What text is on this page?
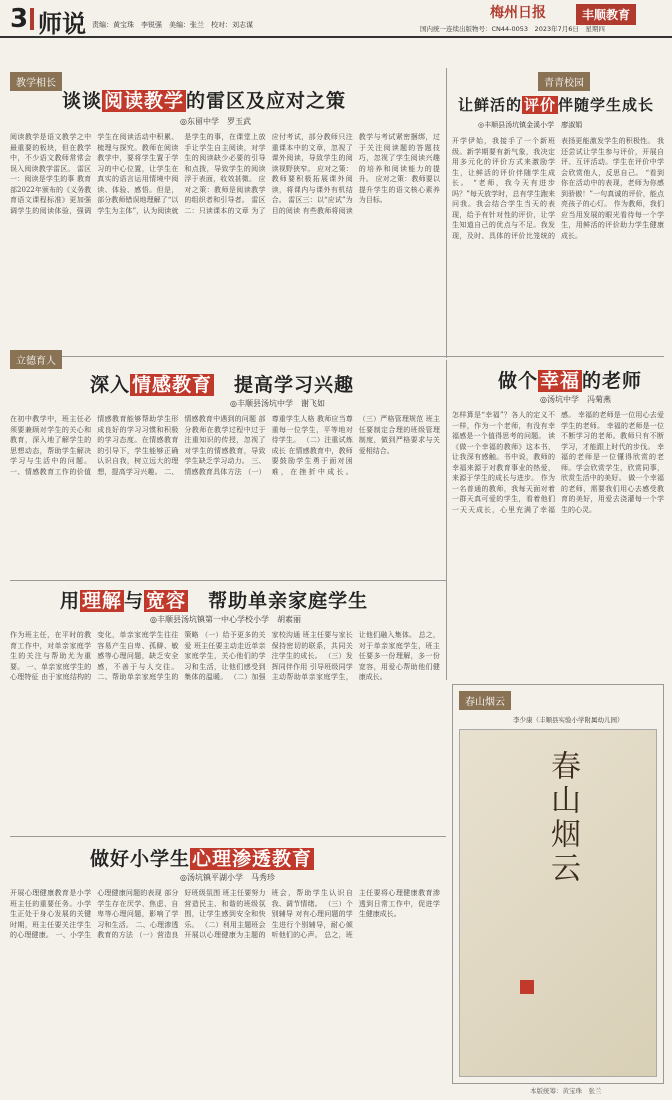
3 师说 责编：黄宝珠　李锐强　美编：张兰　校对：刘志谋
梅州日报	丰顺教育
国内统一连续出版物号：CN44-0053　2023年7月6日　星期四
教学相长
谈谈 阅读教学 的雷区及应对之策
◎东留中学　罗玉武
阅读教学是语文教学之中最重要的板块，但在教学中，不少语文教师常常会误入阅读教学雷区。 雷区一：阅读是学生的事 教育部2022年颁布的《义务教育语文课程标准》更加强调学生的阅读体验，强调学生在阅读活动中积累、梳理与探究。教师在阅读教学中，要将学生置于学习的中心位置，让学生在真实的语言运用情境中阅读、体验、感悟。但是，部分教师错误地理解了“以学生为主体”，认为阅读就是学生的事，在课堂上放手让学生自主阅读，对学生的阅读缺少必要的引导和点拨，导致学生的阅读浮于表面，收效甚微。 应对之策：教师是阅读教学的组织者和引导者。 雷区二：只读课本的文章 为了应付考试，部分教师只注重课本中的文章，忽视了课外阅读，导致学生的阅读视野狭窄。 应对之策：教师要积极拓展课外阅读，将课内与课外有机结合。 雷区三：以“应试”为目的阅读 有些教师将阅读教学与考试紧密捆绑，过于关注阅读题的答题技巧，忽视了学生阅读兴趣的培养和阅读能力的提升。 应对之策：教师要以提升学生的语文核心素养为目标。
青青校园
让鲜活的 评价 伴随学生成长
◎丰顺县汤坑镇金溪小学　廖淑娟
开学伊始，我接手了一个新班级。新学期要有新气象，我决定用多元化的评价方式来激励学生，让鲜活的评价伴随学生成长。 “老师，我今天有进步吗？”每天放学时，总有学生跑来问我。我会结合学生当天的表现，给予有针对性的评价，让学生知道自己的优点与不足。我发现，及时、具体的评价比笼统的表扬更能激发学生的积极性。 我还尝试让学生参与评价，开展自评、互评活动。学生在评价中学会欣赏他人，反思自己。 “看到你在活动中的表现，老师为你感到骄傲！”一句真诚的评价，能点亮孩子的心灯。 作为教师，我们应当用发展的眼光看待每一个学生，用鲜活的评价助力学生健康成长。
立德育人
深入 情感教育　提高学习兴趣
◎丰顺县汤坑中学　谢飞如
在初中教学中，班主任必须要兼顾对学生的关心和教育，深入地了解学生的思想动态，帮助学生解决学习与生活中的问题。 一、情感教育工作的价值 情感教育能够帮助学生形成良好的学习习惯和积极的学习态度。在情感教育的引导下，学生能够正确认识自我，树立远大的理想，提高学习兴趣。 二、情感教育中遇到的问题 部分教师在教学过程中过于注重知识的传授，忽视了对学生的情感教育，导致学生缺乏学习动力。 三、情感教育具体方法 （一）尊重学生人格 教师应当尊重每一位学生，平等地对待学生。 （二）注重试炼成长 在情感教育中，教师要鼓励学生勇于面对困难，在挫折中成长。 （三）严格管理规范 班主任要制定合理的班级管理制度，做到严格要求与关爱相结合。
做个 幸福 的老师
◎汤坑中学　冯菊燕
怎样算是“幸福”？各人的定义不一样，作为一个老师，有没有幸福感是一个值得思考的问题。 读《做一个幸福的教师》这本书，让我深有感触。书中说，教师的幸福来源于对教育事业的热爱，来源于学生的成长与进步。 作为一名普通的教师，我每天面对着一群天真可爱的学生，看着他们一天天成长，心里充满了幸福感。 幸福的老师是一位用心去爱学生的老师。 幸福的老师是一位不断学习的老师。教师只有不断学习，才能跟上时代的步伐。 幸福的老师是一位懂得欣赏的老师。学会欣赏学生，欣赏同事，欣赏生活中的美好。 做一个幸福的老师，需要我们用心去感受教育的美好，用爱去浇灌每一个学生的心灵。
用 理解 与 宽容　帮助单亲家庭学生
◎丰顺县汤坑镇第一中心学校小学　胡素丽
作为班主任，在平时的教育工作中，对单亲家庭学生的关注与帮助尤为重要。 一、单亲家庭学生的心理特征 由于家庭结构的变化，单亲家庭学生往往容易产生自卑、孤僻、敏感等心理问题，缺乏安全感，不善于与人交往。 二、帮助单亲家庭学生的策略 （一）给予更多的关爱 班主任要主动走近单亲家庭学生，关心他们的学习和生活，让他们感受到集体的温暖。 （二）加强家校沟通 班主任要与家长保持密切的联系，共同关注学生的成长。 （三）发挥同伴作用 引导班级同学主动帮助单亲家庭学生，让他们融入集体。 总之，对于单亲家庭学生，班主任要多一份理解，多一份宽容，用爱心帮助他们健康成长。
春山烟云
李少康（丰顺县实验小学附属幼儿园）
春山烟云
做好小学生 心理渗透教育
◎汤坑镇平湖小学　马秀珍
开展心理健康教育是小学班主任的重要任务。小学生正处于身心发展的关键时期，班主任要关注学生的心理健康。 一、小学生心理健康问题的表现 部分学生存在厌学、焦虑、自卑等心理问题，影响了学习和生活。 二、心理渗透教育的方法 （一）营造良好班级氛围 班主任要努力营造民主、和谐的班级氛围，让学生感到安全和快乐。 （二）利用主题班会 开展以心理健康为主题的班会，帮助学生认识自我、调节情绪。 （三）个别辅导 对有心理问题的学生进行个别辅导，耐心倾听他们的心声。 总之，班主任要将心理健康教育渗透到日常工作中，促进学生健康成长。
本版统筹：黄宝珠　张兰
